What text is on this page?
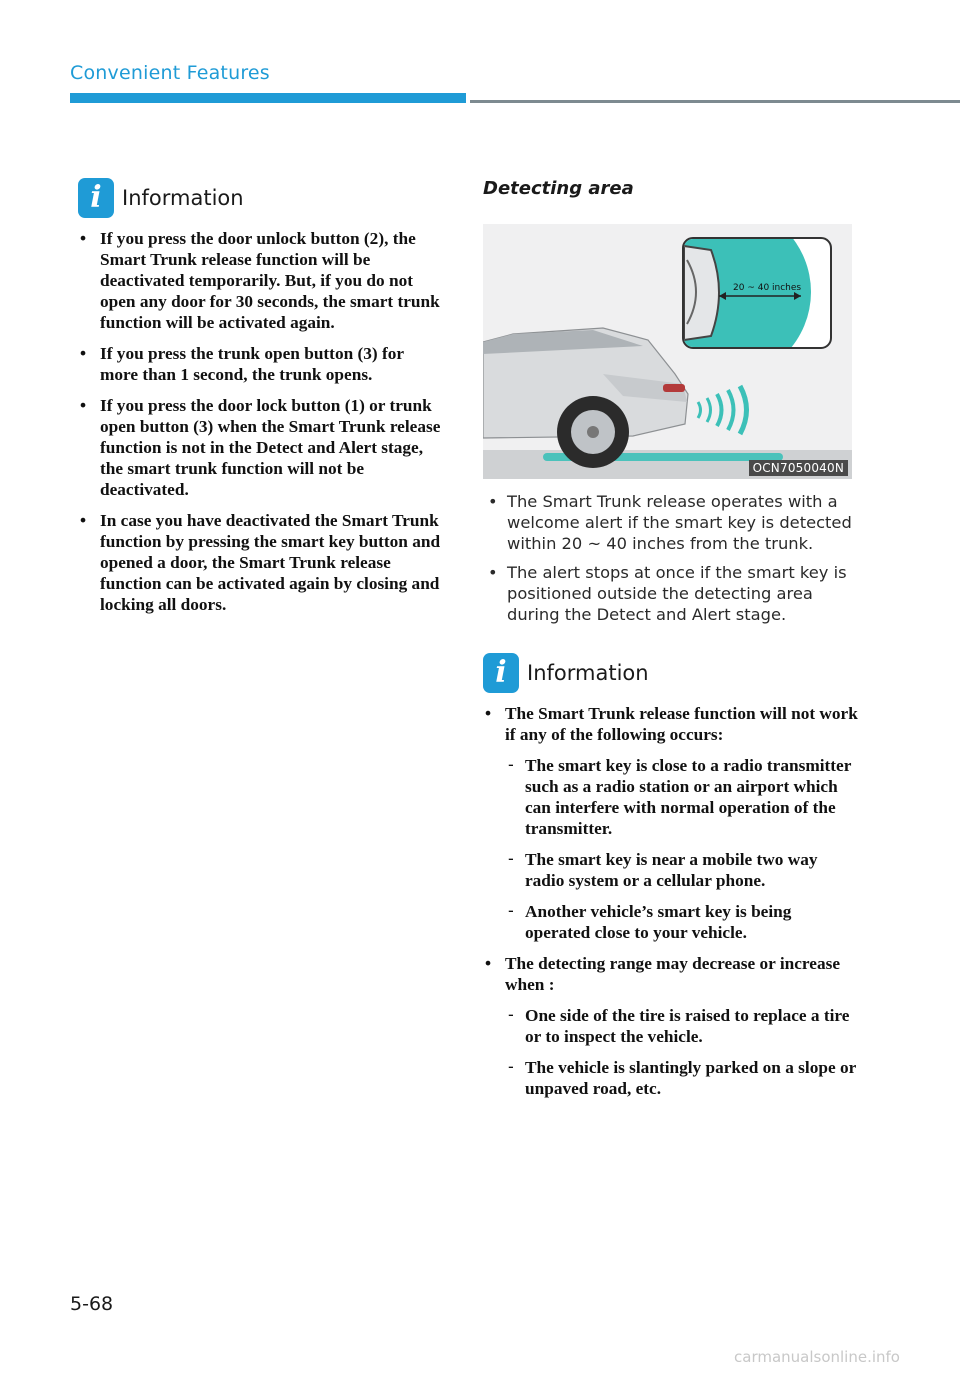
Convenient Features
i Information
• If you press the door unlock button (2), the Smart Trunk release function will be deactivated temporarily. But, if you do not open any door for 30 seconds, the smart trunk function will be activated again.
• If you press the trunk open button (3) for more than 1 second, the trunk opens.
• If you press the door lock button (1) or trunk open button (3) when the Smart Trunk release function is not in the Detect and Alert stage, the smart trunk function will not be deactivated.
• In case you have deactivated the Smart Trunk function by pressing the smart key button and opened a door, the Smart Trunk release function can be activated again by closing and locking all doors.
Detecting area
20 ~ 40 inches
OCN7050040N
• The Smart Trunk release operates with a welcome alert if the smart key is detected within 20 ~ 40 inches from the trunk.
• The alert stops at once if the smart key is positioned outside the detecting area during the Detect and Alert stage.
i Information
• The Smart Trunk release function will not work if any of the following occurs:
- The smart key is close to a radio transmitter such as a radio station or an airport which can interfere with normal operation of the transmitter.
- The smart key is near a mobile two way radio system or a cellular phone.
- Another vehicle’s smart key is being operated close to your vehicle.
• The detecting range may decrease or increase when :
- One side of the tire is raised to replace a tire or to inspect the vehicle.
- The vehicle is slantingly parked on a slope or unpaved road, etc.
5-68
carmanualsonline.info
